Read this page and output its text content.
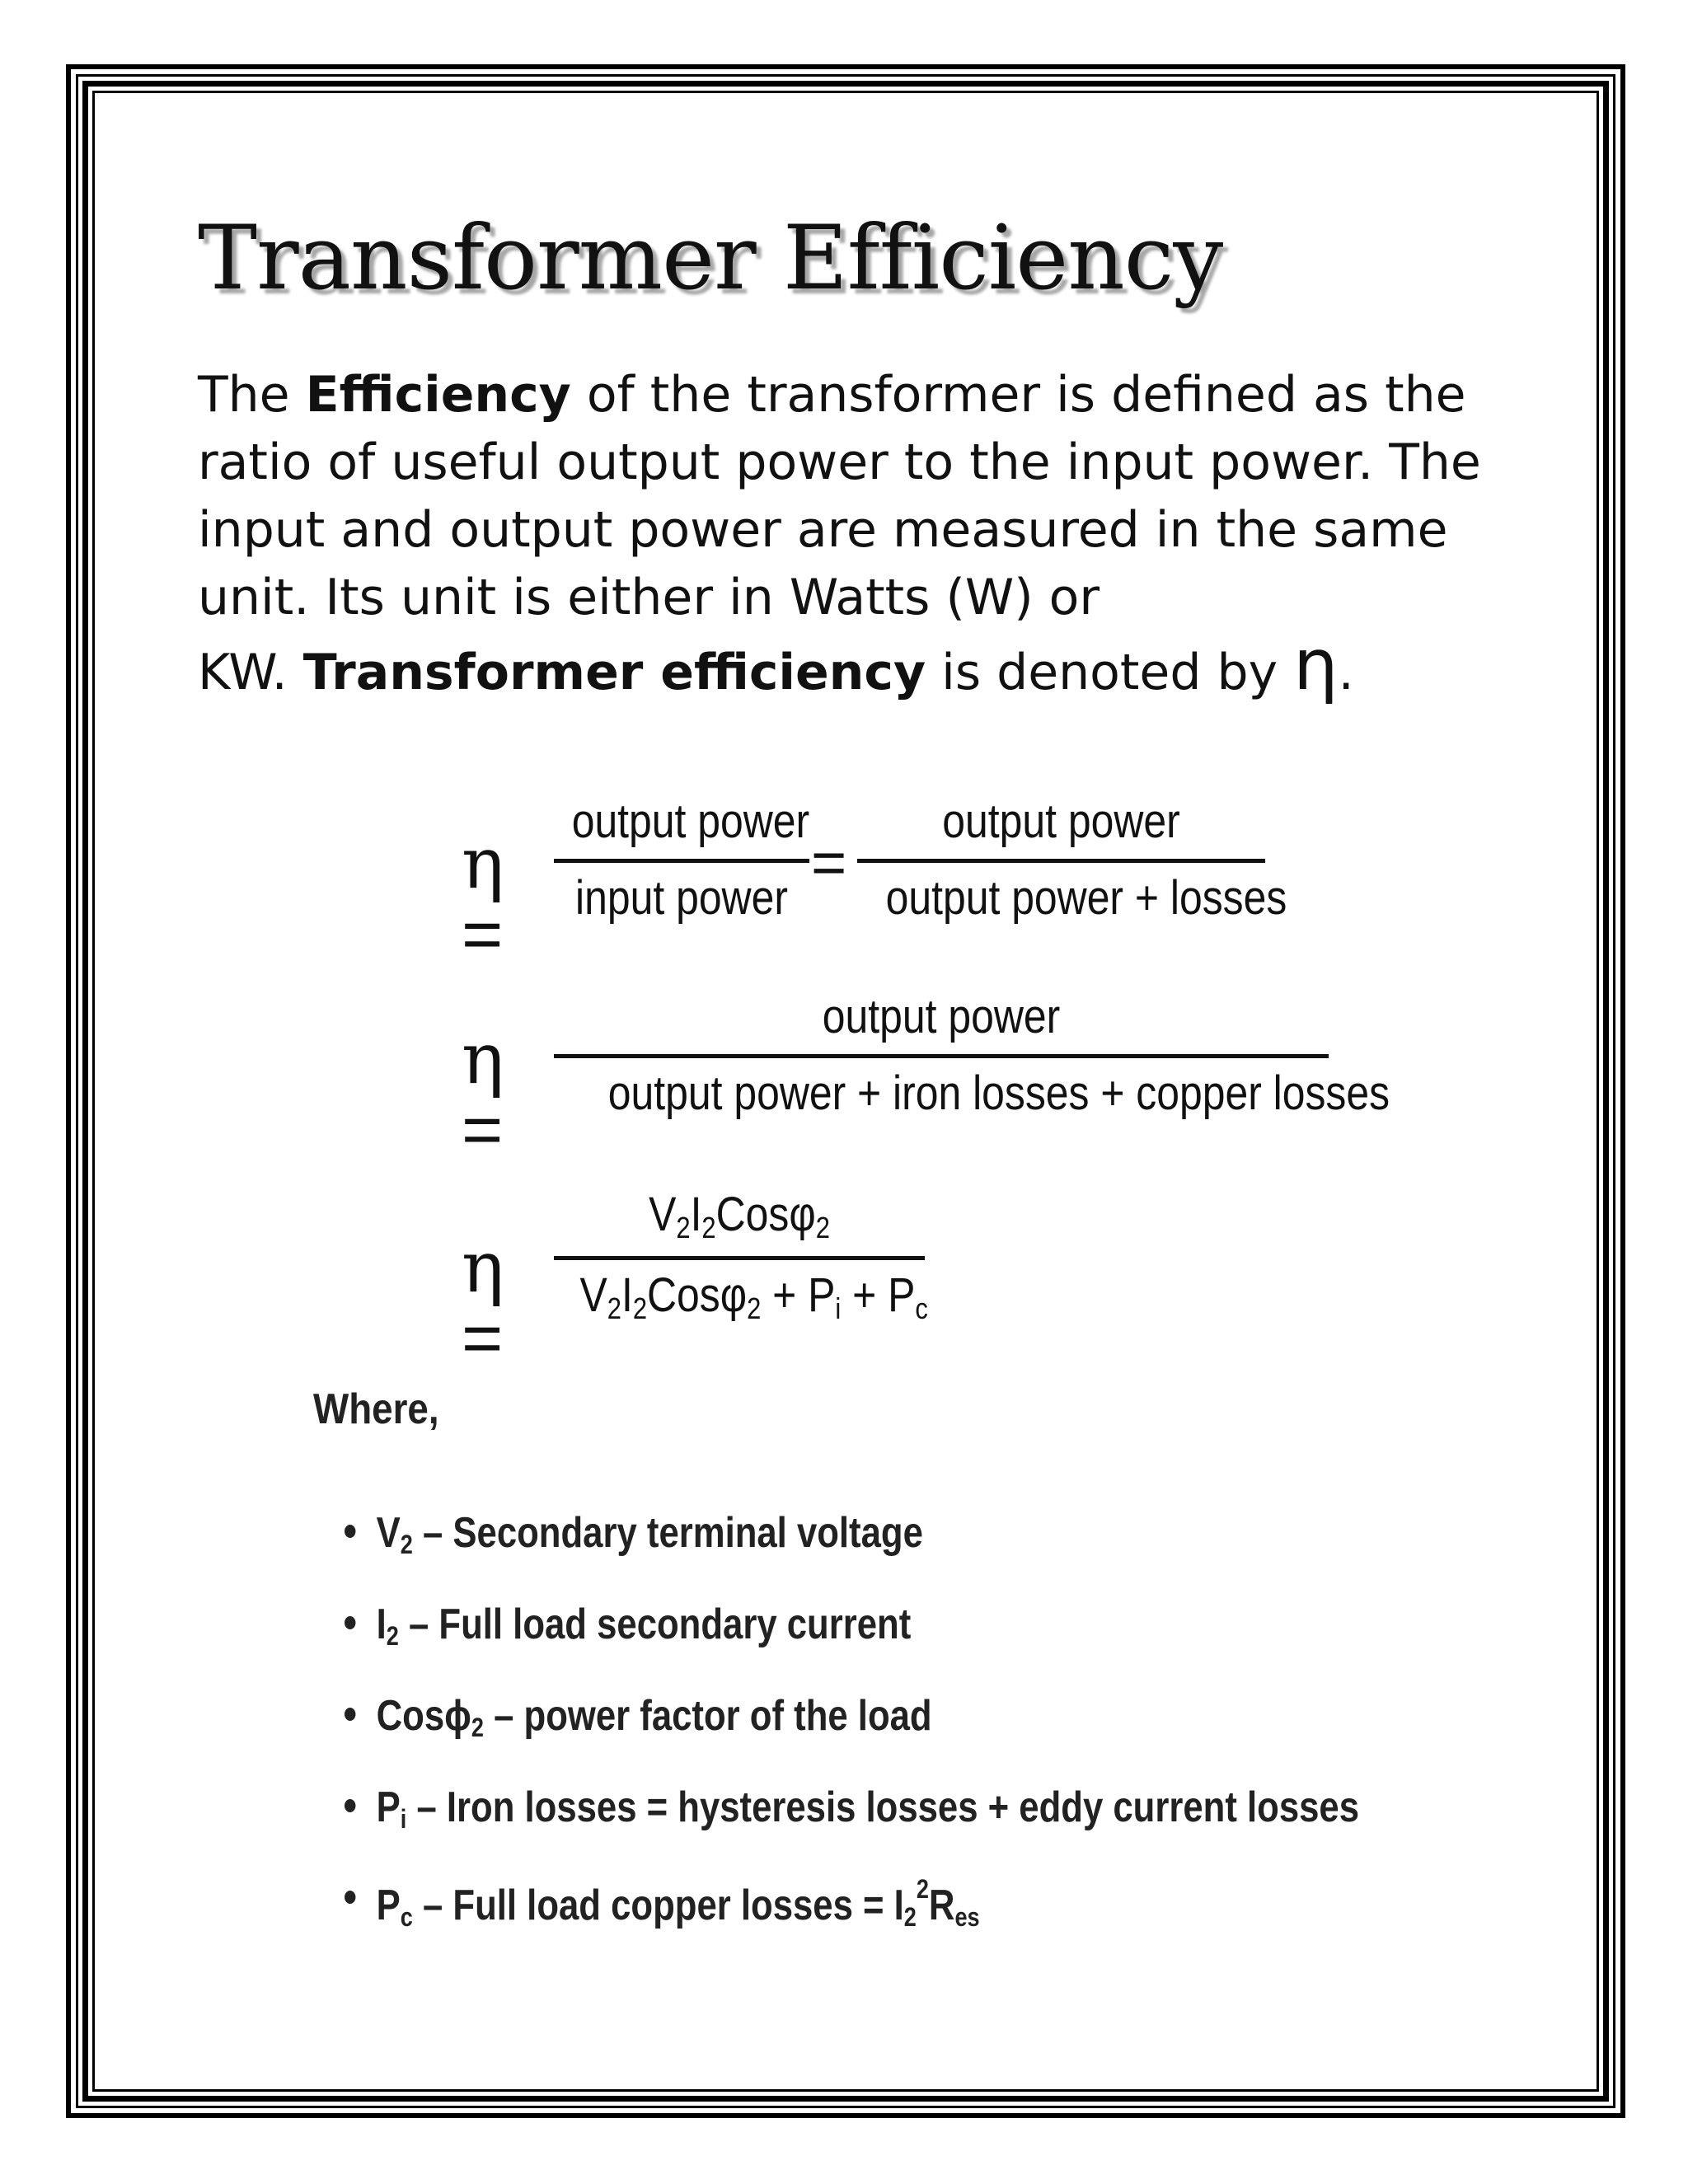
Transformer Efficiency

The Efficiency of the transformer is defined as the
ratio of useful output power to the input power. The
input and output power are measured in the same
unit. Its unit is either in Watts (W) or
KW. Transformer efficiency is denoted by η.

η =
output power
input power
=
output power
output power + losses
η =
output power
output power + iron losses + copper losses
η =
$V_2I_2Cos\varphi_2$
$V_2I_2Cos\varphi_2 + P_i + P_c$

Where,

$V_2$ – Secondary terminal voltage
$I_2$ – Full load secondary current
Cosϕ$_2$ – power factor of the load
$P_i$ – Iron losses = hysteresis losses + eddy current losses
$P_c$ – Full load copper losses = $I_2^2R_{es}$
